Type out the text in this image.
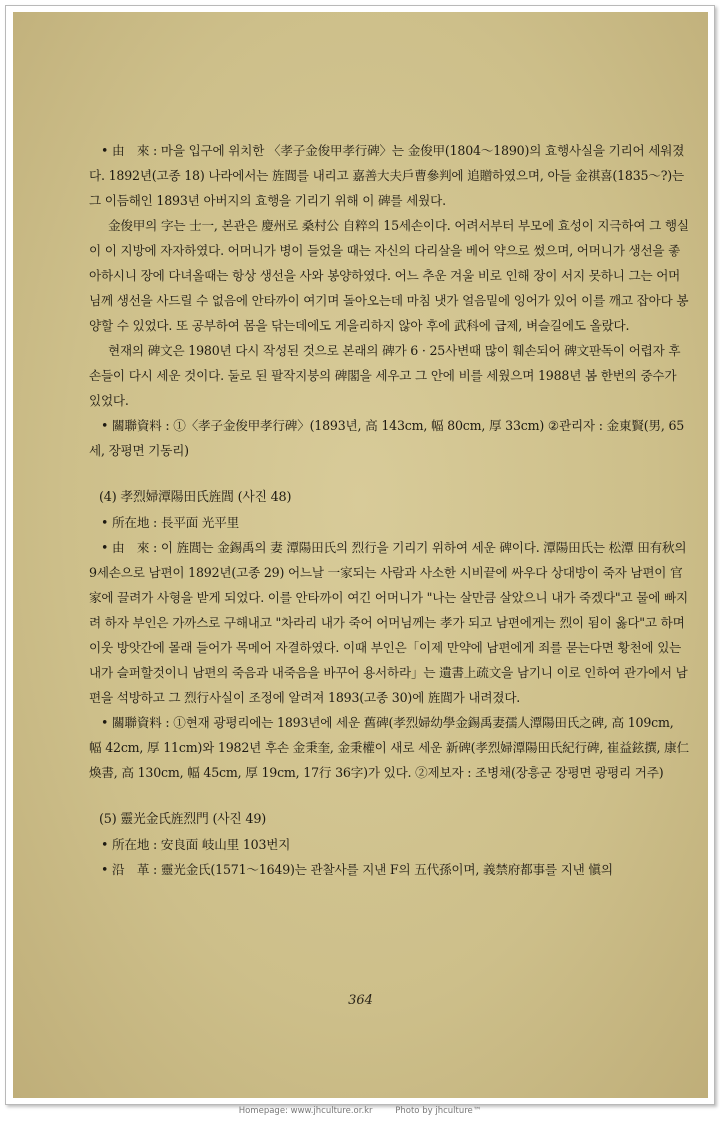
• 由　來 : 마을 입구에 위치한 〈孝子金俊甲孝行碑〉는 金俊甲(1804～1890)의 효행사실을 기리어 세워졌다. 1892년(고종 18) 나라에서는 旌閭를 내리고 嘉善大夫戶曹參判에 追贈하였으며, 아들 金祺喜(1835～?)는 그 이듬해인 1893년 아버지의 효행을 기리기 위해 이 碑를 세웠다.

金俊甲의 字는 士一, 본관은 慶州로 桑村公 自粹의 15세손이다. 어려서부터 부모에 효성이 지극하여 그 행실이 이 지방에 자자하였다. 어머니가 병이 들었을 때는 자신의 다리살을 베어 약으로 썼으며, 어머니가 생선을 좋아하시니 장에 다녀올때는 항상 생선을 사와 봉양하였다. 어느 추운 겨울 비로 인해 장이 서지 못하니 그는 어머님께 생선을 사드릴 수 없음에 안타까이 여기며 돌아오는데 마침 냇가 얼음밑에 잉어가 있어 이를 깨고 잡아다 봉양할 수 있었다. 또 공부하여 몸을 닦는데에도 게을리하지 않아 후에 武科에 급제, 벼슬길에도 올랐다.

현재의 碑文은 1980년 다시 작성된 것으로 본래의 碑가 6 · 25사변때 많이 훼손되어 碑文판독이 어렵자 후손들이 다시 세운 것이다. 둘로 된 팔작지붕의 碑閣을 세우고 그 안에 비를 세웠으며 1988년 봄 한번의 중수가 있었다.

• 關聯資料 : ①〈孝子金俊甲孝行碑〉(1893년, 高 143cm, 幅 80cm, 厚 33cm) ②관리자 : 金東賢(男, 65세, 장평면 기동리)

(4) 孝烈婦潭陽田氏旌閭 (사진 48)

• 所在地 : 長平面 光平里

• 由　來 : 이 旌閭는 金錫禹의 妻 潭陽田氏의 烈行을 기리기 위하여 세운 碑이다. 潭陽田氏는 松潭 田有秋의 9세손으로 남편이 1892년(고종 29) 어느날 一家되는 사람과 사소한 시비끝에 싸우다 상대방이 죽자 남편이 官家에 끌려가 사형을 받게 되었다. 이를 안타까이 여긴 어머니가 "나는 살만큼 살았으니 내가 죽겠다"고 물에 빠지려 하자 부인은 가까스로 구해내고 "차라리 내가 죽어 어머님께는 孝가 되고 남편에게는 烈이 됨이 옳다"고 하며 이웃 방앗간에 몰래 들어가 목메어 자결하였다. 이때 부인은「이제 만약에 남편에게 죄를 묻는다면 황천에 있는 내가 슬퍼할것이니 남편의 죽음과 내죽음을 바꾸어 용서하라」는 遺書上疏文을 남기니 이로 인하여 관가에서 남편을 석방하고 그 烈行사실이 조정에 알려져 1893(고종 30)에 旌閭가 내려졌다.

• 關聯資料 : ①현재 광평리에는 1893년에 세운 舊碑(孝烈婦幼學金錫禹妻孺人潭陽田氏之碑, 高 109cm, 幅 42cm, 厚 11cm)와 1982년 후손 金秉奎, 金秉權이 새로 세운 新碑(孝烈婦潭陽田氏紀行碑, 崔益鉉撰, 康仁煥書, 高 130cm, 幅 45cm, 厚 19cm, 17行 36字)가 있다. ②제보자 : 조병채(장흥군 장평면 광평리 거주)

(5) 靈光金氏旌烈門 (사진 49)

• 所在地 : 安良面 岐山里 103번지

• 沿　革 : 靈光金氏(1571～1649)는 관찰사를 지낸 F의 五代孫이며, 義禁府都事를 지낸 愼의

364
Homepage: www.jhculture.or.kr	Photo by jhculture™
